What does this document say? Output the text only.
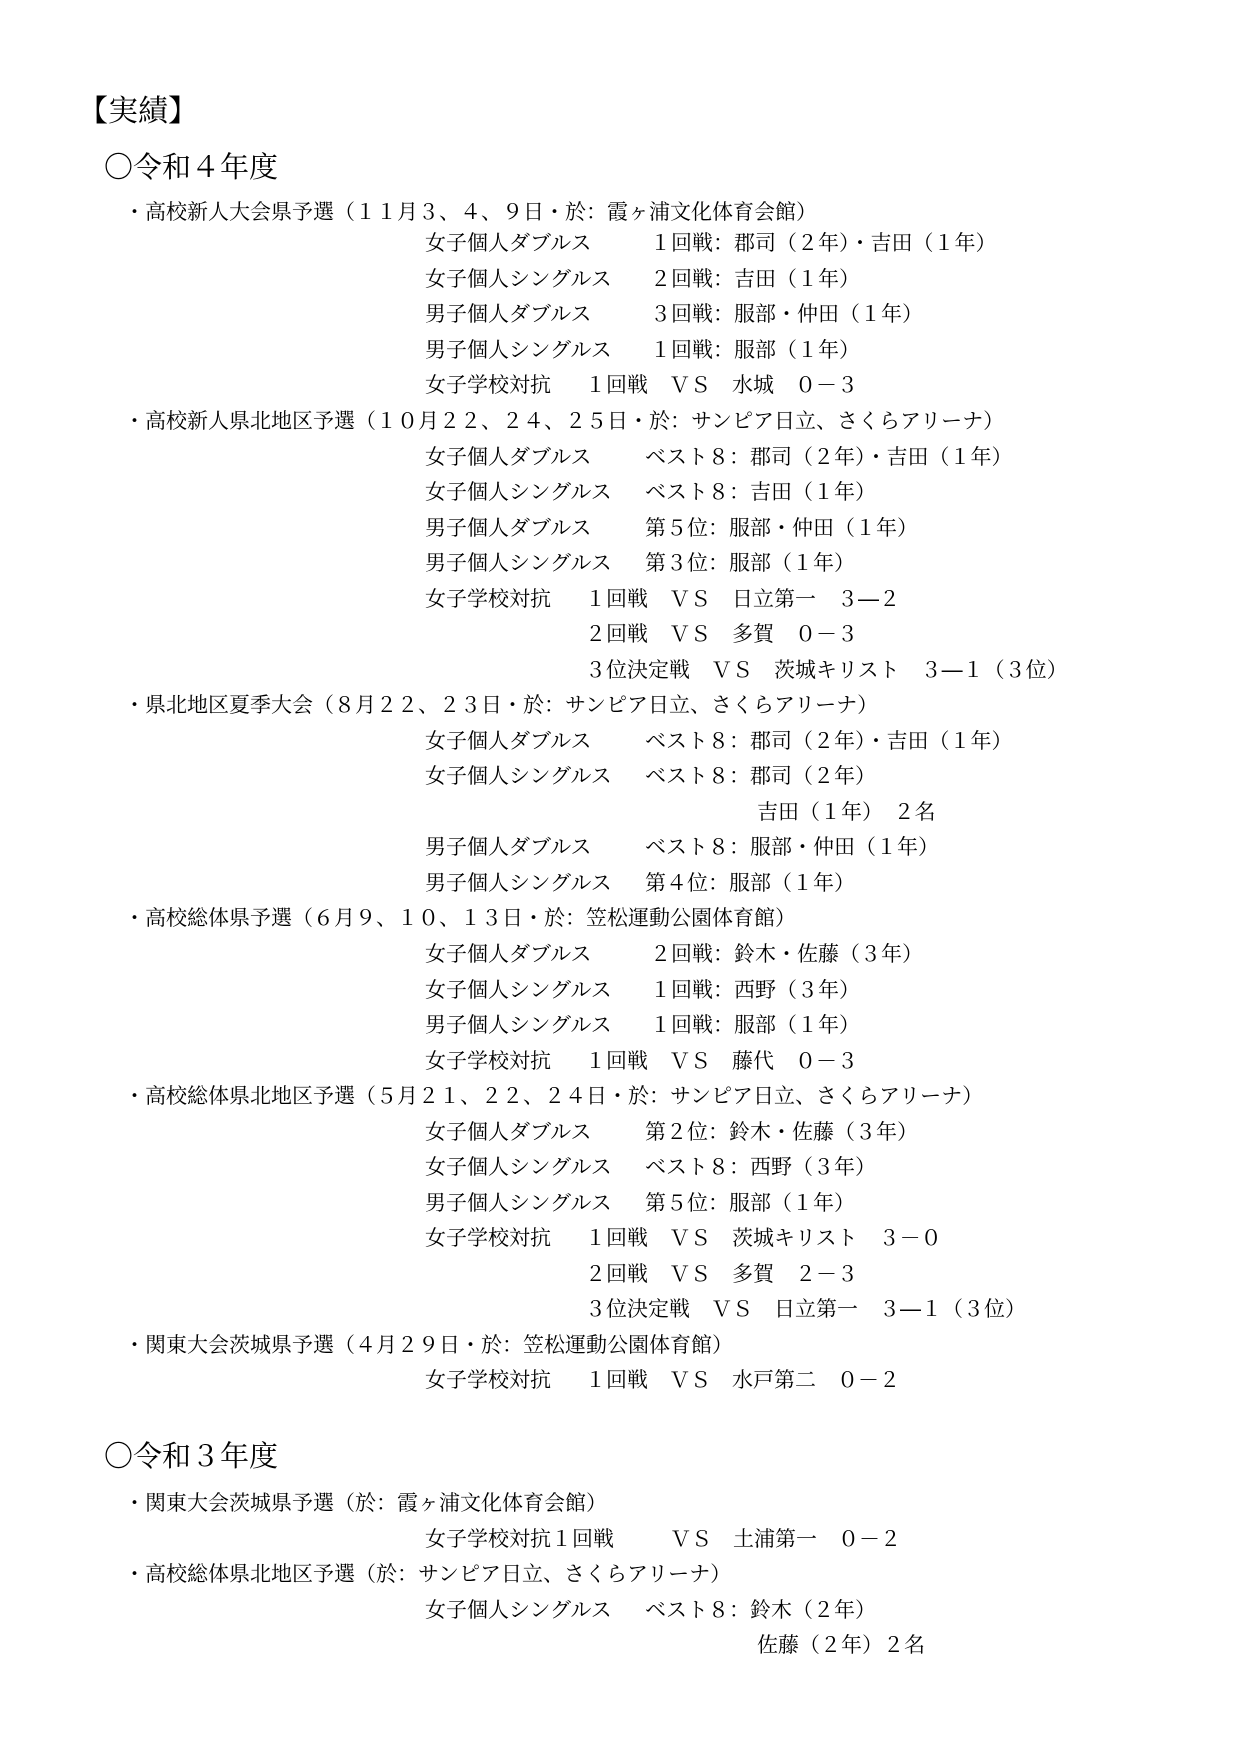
【実績】
〇令和４年度
・高校新人大会県予選（１１月３、４、９日・於：霞ヶ浦文化体育会館）
女子個人ダブルス	１回戦：郡司（２年）・吉田（１年）
女子個人シングルス ２回戦：吉田（１年）
男子個人ダブルス	３回戦：服部・仲田（１年）
男子個人シングルス １回戦：服部（１年）
女子学校対抗 １回戦　ＶＳ　水城　０－３
・高校新人県北地区予選（１０月２２、２４、２５日・於：サンピア日立、さくらアリーナ）
女子個人ダブルス	ベスト８：郡司（２年）・吉田（１年）
女子個人シングルス ベスト８：吉田（１年）
男子個人ダブルス	第５位：服部・仲田（１年）
男子個人シングルス 第３位：服部（１年）
女子学校対抗 １回戦　ＶＳ　日立第一　３―２
２回戦　ＶＳ　多賀　０－３
３位決定戦　ＶＳ　茨城キリスト　３―１（３位）
・県北地区夏季大会（８月２２、２３日・於：サンピア日立、さくらアリーナ）
女子個人ダブルス	ベスト８：郡司（２年）・吉田（１年）
女子個人シングルス ベスト８：郡司（２年）
吉田（１年）　２名
男子個人ダブルス	ベスト８：服部・仲田（１年）
男子個人シングルス 第４位：服部（１年）
・高校総体県予選（６月９、１０、１３日・於：笠松運動公園体育館）
女子個人ダブルス	２回戦：鈴木・佐藤（３年）
女子個人シングルス １回戦：西野（３年）
男子個人シングルス １回戦：服部（１年）
女子学校対抗 １回戦　ＶＳ　藤代　０－３
・高校総体県北地区予選（５月２１、２２、２４日・於：サンピア日立、さくらアリーナ）
女子個人ダブルス	第２位：鈴木・佐藤（３年）
女子個人シングルス ベスト８：西野（３年）
男子個人シングルス 第５位：服部（１年）
女子学校対抗 １回戦　ＶＳ　茨城キリスト　３－０
２回戦　ＶＳ　多賀　２－３
３位決定戦　ＶＳ　日立第一　３―１（３位）
・関東大会茨城県予選（４月２９日・於：笠松運動公園体育館）
女子学校対抗 １回戦　ＶＳ　水戸第二　０－２
〇令和３年度
・関東大会茨城県予選（於：霞ヶ浦文化体育会館）
女子学校対抗１回戦	ＶＳ　土浦第一　０－２
・高校総体県北地区予選（於：サンピア日立、さくらアリーナ）
女子個人シングルス ベスト８：鈴木（２年）
佐藤（２年）２名
